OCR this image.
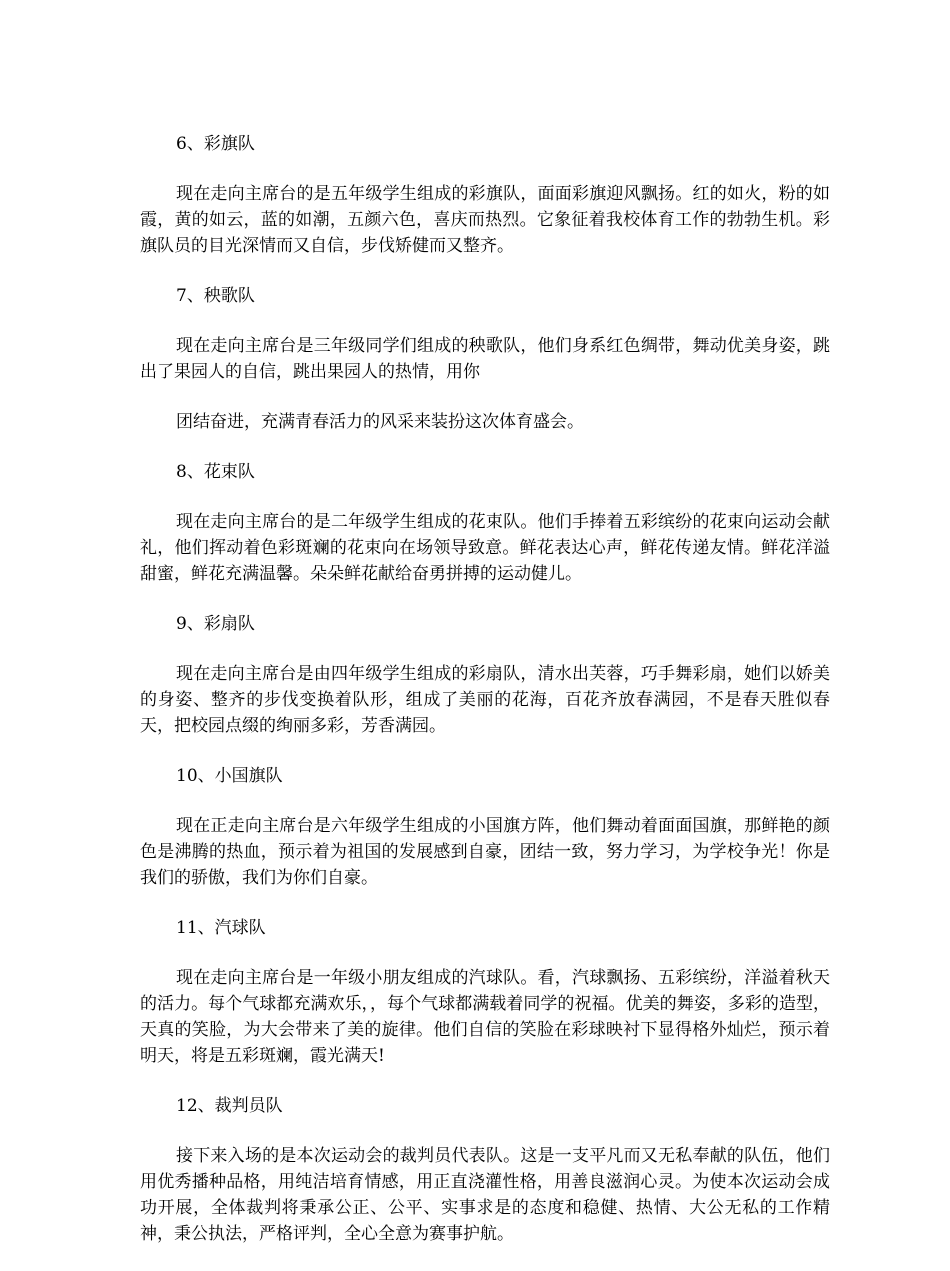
6、彩旗队
现在走向主席台的是五年级学生组成的彩旗队，面面彩旗迎风飘扬。红的如火，粉的如霞，黄的如云，蓝的如潮，五颜六色，喜庆而热烈。它象征着我校体育工作的勃勃生机。彩旗队员的目光深情而又自信，步伐矫健而又整齐。
7、秧歌队
现在走向主席台是三年级同学们组成的秧歌队，他们身系红色绸带，舞动优美身姿，跳出了果园人的自信，跳出果园人的热情，用你
团结奋进，充满青春活力的风采来装扮这次体育盛会。
8、花束队
现在走向主席台的是二年级学生组成的花束队。他们手捧着五彩缤纷的花束向运动会献礼，他们挥动着色彩斑斓的花束向在场领导致意。鲜花表达心声，鲜花传递友情。鲜花洋溢甜蜜，鲜花充满温馨。朵朵鲜花献给奋勇拼搏的运动健儿。
9、彩扇队
现在走向主席台是由四年级学生组成的彩扇队，清水出芙蓉，巧手舞彩扇，她们以娇美的身姿、整齐的步伐变换着队形，组成了美丽的花海，百花齐放春满园，不是春天胜似春天，把校园点缀的绚丽多彩，芳香满园。
10、小国旗队
现在正走向主席台是六年级学生组成的小国旗方阵，他们舞动着面面国旗，那鲜艳的颜色是沸腾的热血，预示着为祖国的发展感到自豪，团结一致，努力学习，为学校争光！你是我们的骄傲，我们为你们自豪。
11、汽球队
现在走向主席台是一年级小朋友组成的汽球队。看，汽球飘扬、五彩缤纷，洋溢着秋天的活力。每个气球都充满欢乐，，每个气球都满载着同学的祝福。优美的舞姿，多彩的造型，天真的笑脸，为大会带来了美的旋律。他们自信的笑脸在彩球映衬下显得格外灿烂，预示着明天，将是五彩斑斓，霞光满天!
12、裁判员队
接下来入场的是本次运动会的裁判员代表队。这是一支平凡而又无私奉献的队伍，他们用优秀播种品格，用纯洁培育情感，用正直浇灌性格，用善良滋润心灵。为使本次运动会成功开展，全体裁判将秉承公正、公平、实事求是的态度和稳健、热情、大公无私的工作精神，秉公执法，严格评判，全心全意为赛事护航。
